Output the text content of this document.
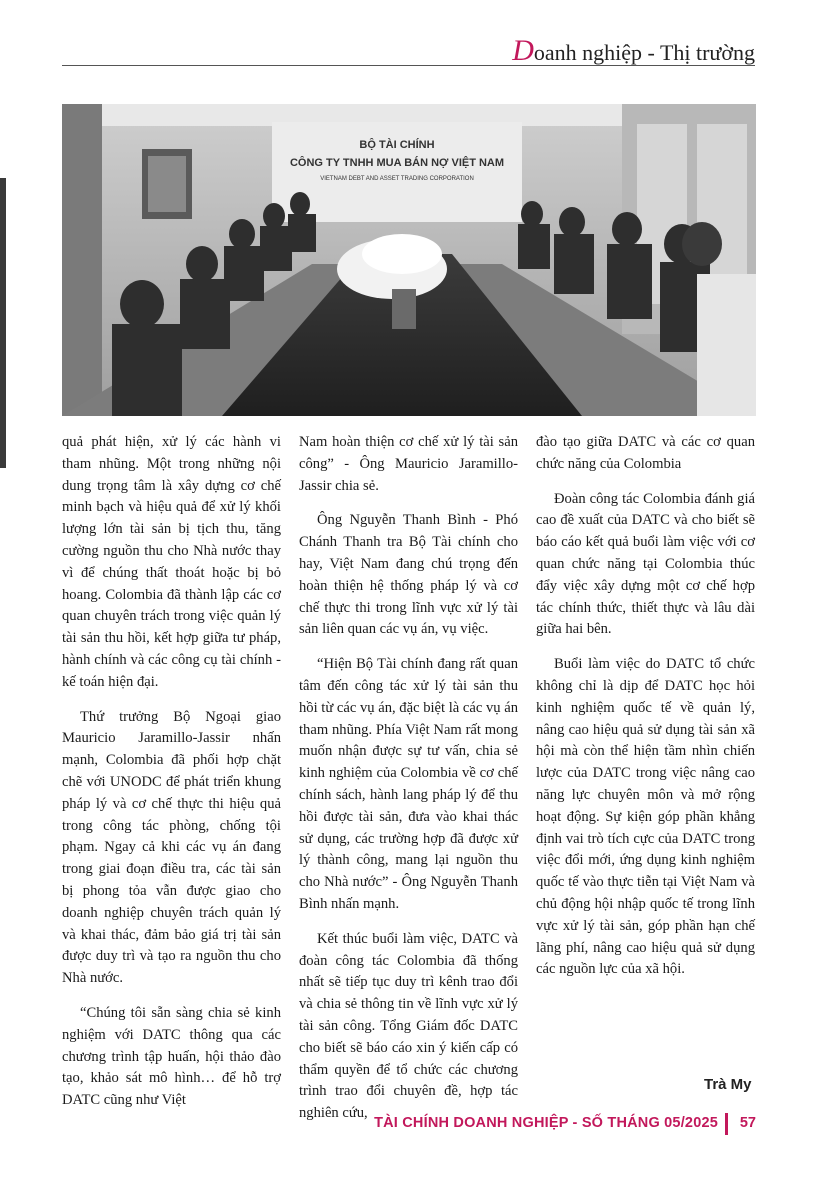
Doanh nghiệp - Thị trường
BỘ TÀI CHÍNH
CÔNG TY TNHH MUA BÁN NỢ VIỆT NAM
VIETNAM DEBT AND ASSET TRADING CORPORATION

quả phát hiện, xử lý các hành vi tham nhũng. Một trong những nội dung trọng tâm là xây dựng cơ chế minh bạch và hiệu quả để xử lý khối lượng lớn tài sản bị tịch thu, tăng cường nguồn thu cho Nhà nước thay vì để chúng thất thoát hoặc bị bỏ hoang. Colombia đã thành lập các cơ quan chuyên trách trong việc quản lý tài sản thu hồi, kết hợp giữa tư pháp, hành chính và các công cụ tài chính - kế toán hiện đại.

Thứ trưởng Bộ Ngoại giao Mauricio Jaramillo-Jassir nhấn mạnh, Colombia đã phối hợp chặt chẽ với UNODC để phát triển khung pháp lý và cơ chế thực thi hiệu quả trong công tác phòng, chống tội phạm. Ngay cả khi các vụ án đang trong giai đoạn điều tra, các tài sản bị phong tỏa vẫn được giao cho doanh nghiệp chuyên trách quản lý và khai thác, đảm bảo giá trị tài sản được duy trì và tạo ra nguồn thu cho Nhà nước.

“Chúng tôi sẵn sàng chia sẻ kinh nghiệm với DATC thông qua các chương trình tập huấn, hội thảo đào tạo, khảo sát mô hình… để hỗ trợ DATC cũng như Việt

Nam hoàn thiện cơ chế xử lý tài sản công” - Ông Mauricio Jaramillo-Jassir chia sẻ.

Ông Nguyễn Thanh Bình - Phó Chánh Thanh tra Bộ Tài chính cho hay, Việt Nam đang chú trọng đến hoàn thiện hệ thống pháp lý và cơ chế thực thi trong lĩnh vực xử lý tài sản liên quan các vụ án, vụ việc.

“Hiện Bộ Tài chính đang rất quan tâm đến công tác xử lý tài sản thu hồi từ các vụ án, đặc biệt là các vụ án tham nhũng. Phía Việt Nam rất mong muốn nhận được sự tư vấn, chia sẻ kinh nghiệm của Colombia về cơ chế chính sách, hành lang pháp lý để thu hồi được tài sản, đưa vào khai thác sử dụng, các trường hợp đã được xử lý thành công, mang lại nguồn thu cho Nhà nước” - Ông Nguyễn Thanh Bình nhấn mạnh.

Kết thúc buổi làm việc, DATC và đoàn công tác Colombia đã thống nhất sẽ tiếp tục duy trì kênh trao đổi và chia sẻ thông tin về lĩnh vực xử lý tài sản công. Tổng Giám đốc DATC cho biết sẽ báo cáo xin ý kiến cấp có thẩm quyền để tổ chức các chương trình trao đổi chuyên đề, hợp tác nghiên cứu,

đào tạo giữa DATC và các cơ quan chức năng của Colombia

Đoàn công tác Colombia đánh giá cao đề xuất của DATC và cho biết sẽ báo cáo kết quả buổi làm việc với cơ quan chức năng tại Colombia thúc đẩy việc xây dựng một cơ chế hợp tác chính thức, thiết thực và lâu dài giữa hai bên.

Buổi làm việc do DATC tổ chức không chỉ là dịp để DATC học hỏi kinh nghiệm quốc tế về quản lý, nâng cao hiệu quả sử dụng tài sản xã hội mà còn thể hiện tầm nhìn chiến lược của DATC trong việc nâng cao năng lực chuyên môn và mở rộng hoạt động. Sự kiện góp phần khẳng định vai trò tích cực của DATC trong việc đổi mới, ứng dụng kinh nghiệm quốc tế vào thực tiễn tại Việt Nam và chủ động hội nhập quốc tế trong lĩnh vực xử lý tài sản, góp phần hạn chế lãng phí, nâng cao hiệu quả sử dụng các nguồn lực của xã hội.

Trà My
TÀI CHÍNH DOANH NGHIỆP - SỐ THÁNG 05/2025 57
